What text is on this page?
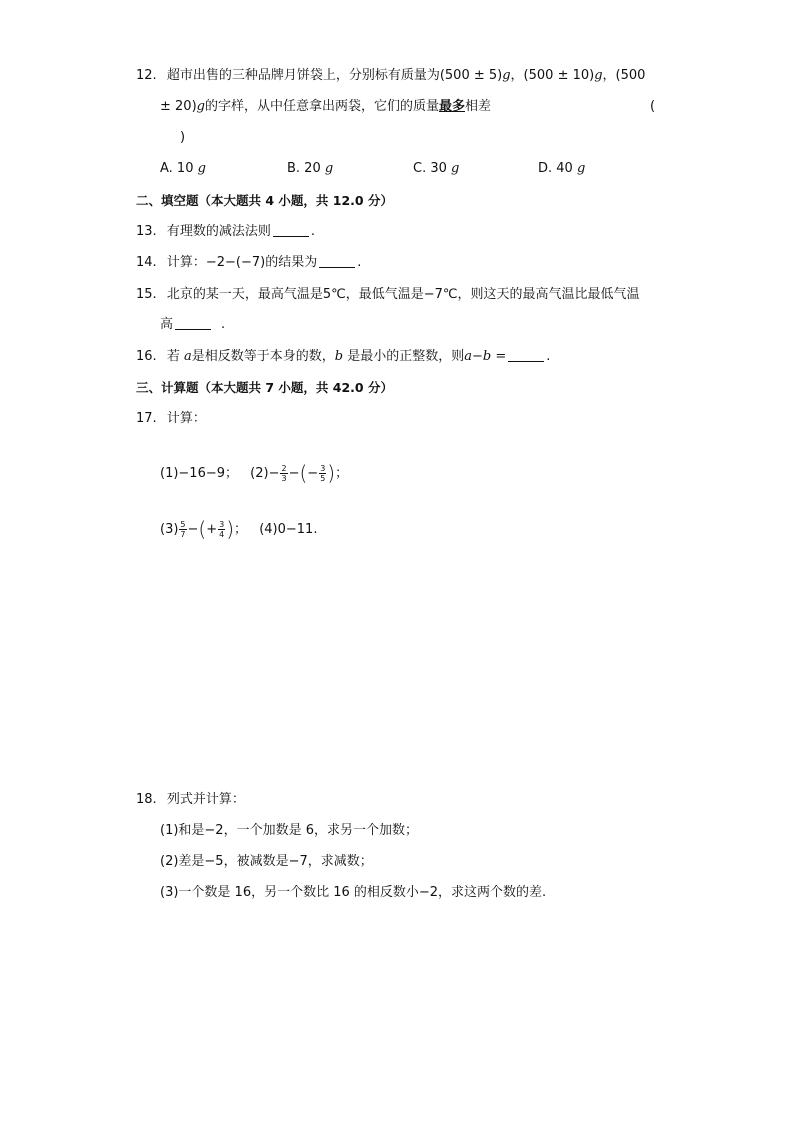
12. 超市出售的三种品牌月饼袋上，分别标有质量为(500 ± 5)g，(500 ± 10)g，(500
± 20)g的字样，从中任意拿出两袋，它们的质量最多相差	(
)
A. 10 g	B. 20 g	C. 30 g	D. 40 g
二、填空题（本大题共 4 小题，共 12.0 分）
13. 有理数的减法法则	.
14. 计算：−2−(−7)的结果为	.
15. 北京的某一天，最高气温是5℃，最低气温是−7℃，则这天的最高气温比最低气温
高	.
16. 若 a是相反数等于本身的数，b 是最小的正整数，则a−b =	.
三、计算题（本大题共 7 小题，共 42.0 分）
17. 计算：
(1)−16−9； $(2)- \frac{2}{3}$ −(− $\frac{3}{5}$ )；
$(3) \frac{5}{7}$ −(+ $\frac{3}{4}$ )； (4)0−11.
18. 列式并计算：
(1)和是−2，一个加数是 6，求另一个加数；
(2)差是−5，被减数是−7，求减数；
(3)一个数是 16，另一个数比 16 的相反数小−2，求这两个数的差.
